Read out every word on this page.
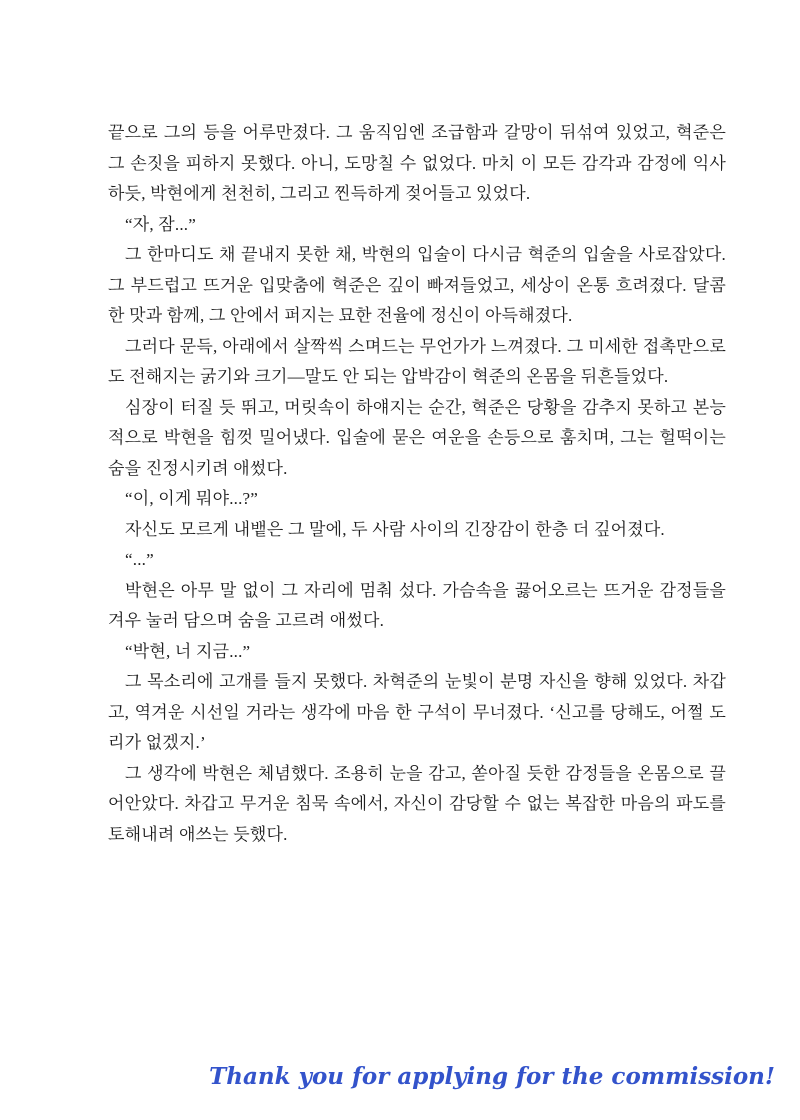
끝으로 그의 등을 어루만졌다. 그 움직임엔 조급함과 갈망이 뒤섞여 있었고, 혁준은 그 손짓을 피하지 못했다. 아니, 도망칠 수 없었다. 마치 이 모든 감각과 감정에 익사하듯, 박현에게 천천히, 그리고 찐득하게 젖어들고 있었다.

“자, 잠...”

그 한마디도 채 끝내지 못한 채, 박현의 입술이 다시금 혁준의 입술을 사로잡았다. 그 부드럽고 뜨거운 입맞춤에 혁준은 깊이 빠져들었고, 세상이 온통 흐려졌다. 달콤한 맛과 함께, 그 안에서 퍼지는 묘한 전율에 정신이 아득해졌다.

그러다 문득, 아래에서 살짝씩 스며드는 무언가가 느껴졌다. 그 미세한 접촉만으로도 전해지는 굵기와 크기―말도 안 되는 압박감이 혁준의 온몸을 뒤흔들었다.

심장이 터질 듯 뛰고, 머릿속이 하얘지는 순간, 혁준은 당황을 감추지 못하고 본능적으로 박현을 힘껏 밀어냈다. 입술에 묻은 여운을 손등으로 훔치며, 그는 헐떡이는 숨을 진정시키려 애썼다.

“이, 이게 뭐야...?”

자신도 모르게 내뱉은 그 말에, 두 사람 사이의 긴장감이 한층 더 깊어졌다.

“...”

박현은 아무 말 없이 그 자리에 멈춰 섰다. 가슴속을 끓어오르는 뜨거운 감정들을 겨우 눌러 담으며 숨을 고르려 애썼다.

“박현, 너 지금...”

그 목소리에 고개를 들지 못했다. 차혁준의 눈빛이 분명 자신을 향해 있었다. 차갑고, 역겨운 시선일 거라는 생각에 마음 한 구석이 무너졌다. ‘신고를 당해도, 어쩔 도리가 없겠지.’

그 생각에 박현은 체념했다. 조용히 눈을 감고, 쏟아질 듯한 감정들을 온몸으로 끌어안았다. 차갑고 무거운 침묵 속에서, 자신이 감당할 수 없는 복잡한 마음의 파도를 토해내려 애쓰는 듯했다.

Thank you for applying for the commission!
